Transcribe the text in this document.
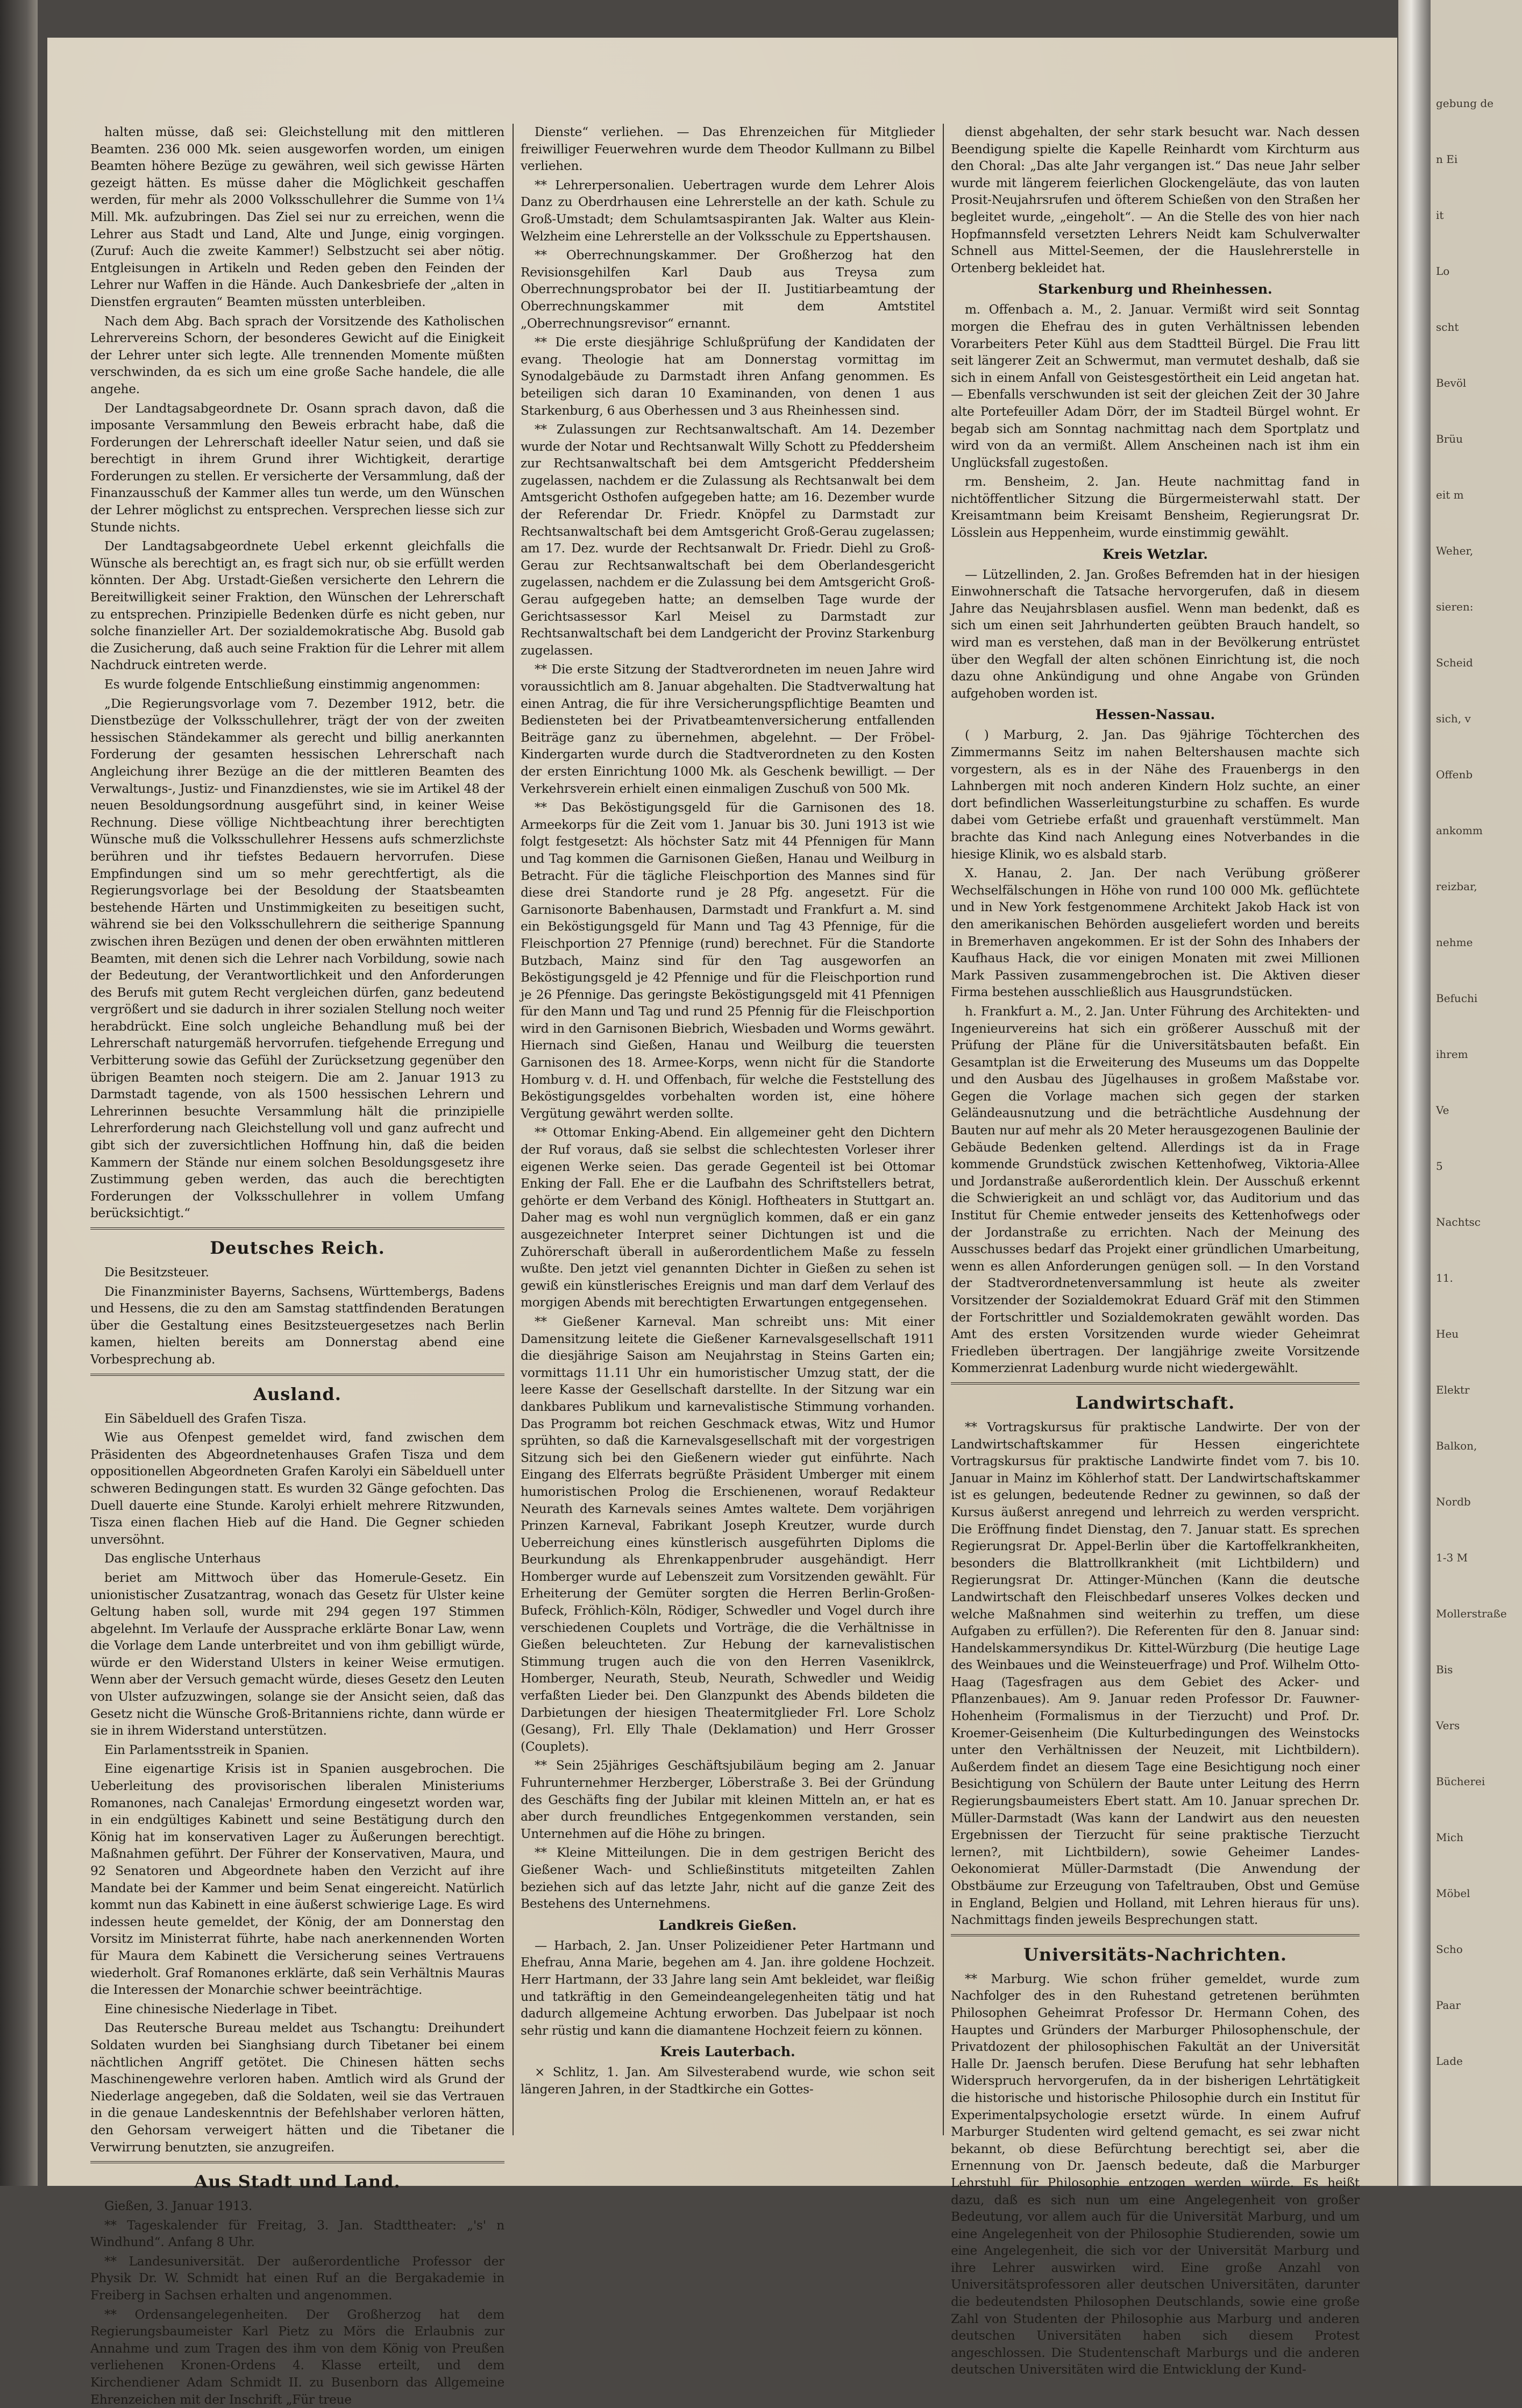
gebung de
n Ei
it
Lo
scht
Bevöl
Brüu
eit m
Weher,
sieren:
Scheid
sich, v
Offenb
ankomm
reizbar,
nehme
Befuchi
ihrem
Ve
5
Nachtsc
11.
Heu
Elektr
Balkon,
Nordb
1-3 M
Mollerstraße
Bis
Vers
Bücherei
Mich
Möbel
Scho
Paar
Lade

halten müsse, daß sei: Gleichstellung mit den mittleren Beamten. 236 000 Mk. seien ausgeworfen worden, um einigen Beamten höhere Bezüge zu gewähren, weil sich gewisse Härten gezeigt hätten. Es müsse daher die Möglichkeit geschaffen werden, für mehr als 2000 Volksschullehrer die Summe von 1¼ Mill. Mk. aufzubringen. Das Ziel sei nur zu erreichen, wenn die Lehrer aus Stadt und Land, Alte und Junge, einig vorgingen. (Zuruf: Auch die zweite Kammer!) Selbstzucht sei aber nötig. Entgleisungen in Artikeln und Reden geben den Feinden der Lehrer nur Waffen in die Hände. Auch Dankesbriefe der „alten in Dienstfen ergrauten“ Beamten müssten unterbleiben.

Nach dem Abg. Bach sprach der Vorsitzende des Katholischen Lehrervereins Schorn, der besonderes Gewicht auf die Einigkeit der Lehrer unter sich legte. Alle trennenden Momente müßten verschwinden, da es sich um eine große Sache handele, die alle angehe.

Der Landtagsabgeordnete Dr. Osann sprach davon, daß die imposante Versammlung den Beweis erbracht habe, daß die Forderungen der Lehrerschaft ideeller Natur seien, und daß sie berechtigt in ihrem Grund ihrer Wichtigkeit, derartige Forderungen zu stellen. Er versicherte der Versammlung, daß der Finanzausschuß der Kammer alles tun werde, um den Wünschen der Lehrer möglichst zu entsprechen. Versprechen liesse sich zur Stunde nichts.

Der Landtagsabgeordnete Uebel erkennt gleichfalls die Wünsche als berechtigt an, es fragt sich nur, ob sie erfüllt werden könnten. Der Abg. Urstadt-Gießen versicherte den Lehrern die Bereitwilligkeit seiner Fraktion, den Wünschen der Lehrerschaft zu entsprechen. Prinzipielle Bedenken dürfe es nicht geben, nur solche finanzieller Art. Der sozialdemokratische Abg. Busold gab die Zusicherung, daß auch seine Fraktion für die Lehrer mit allem Nachdruck eintreten werde.

Es wurde folgende Entschließung einstimmig angenommen:

„Die Regierungsvorlage vom 7. Dezember 1912, betr. die Dienstbezüge der Volksschullehrer, trägt der von der zweiten hessischen Ständekammer als gerecht und billig anerkannten Forderung der gesamten hessischen Lehrerschaft nach Angleichung ihrer Bezüge an die der mittleren Beamten des Verwaltungs-, Justiz- und Finanzdienstes, wie sie im Artikel 48 der neuen Besoldungsordnung ausgeführt sind, in keiner Weise Rechnung. Diese völlige Nichtbeachtung ihrer berechtigten Wünsche muß die Volksschullehrer Hessens aufs schmerzlichste berühren und ihr tiefstes Bedauern hervorrufen. Diese Empfindungen sind um so mehr gerechtfertigt, als die Regierungsvorlage bei der Besoldung der Staatsbeamten bestehende Härten und Unstimmigkeiten zu beseitigen sucht, während sie bei den Volksschullehrern die seitherige Spannung zwischen ihren Bezügen und denen der oben erwähnten mittleren Beamten, mit denen sich die Lehrer nach Vorbildung, sowie nach der Bedeutung, der Verantwortlichkeit und den Anforderungen des Berufs mit gutem Recht vergleichen dürfen, ganz bedeutend vergrößert und sie dadurch in ihrer sozialen Stellung noch weiter herabdrückt. Eine solch ungleiche Behandlung muß bei der Lehrerschaft naturgemäß hervorrufen. tiefgehende Erregung und Verbitterung sowie das Gefühl der Zurücksetzung gegenüber den übrigen Beamten noch steigern. Die am 2. Januar 1913 zu Darmstadt tagende, von als 1500 hessischen Lehrern und Lehrerinnen besuchte Versammlung hält die prinzipielle Lehrerforderung nach Gleichstellung voll und ganz aufrecht und gibt sich der zuversichtlichen Hoffnung hin, daß die beiden Kammern der Stände nur einem solchen Besoldungsgesetz ihre Zustimmung geben werden, das auch die berechtigten Forderungen der Volksschullehrer in vollem Umfang berücksichtigt.“

Deutsches Reich.

Die Besitzsteuer.

Die Finanzminister Bayerns, Sachsens, Württembergs, Badens und Hessens, die zu den am Samstag stattfindenden Beratungen über die Gestaltung eines Besitzsteuergesetzes nach Berlin kamen, hielten bereits am Donnerstag abend eine Vorbesprechung ab.

Ausland.

Ein Säbelduell des Grafen Tisza.

Wie aus Ofenpest gemeldet wird, fand zwischen dem Präsidenten des Abgeordnetenhauses Grafen Tisza und dem oppositionellen Abgeordneten Grafen Karolyi ein Säbelduell unter schweren Bedingungen statt. Es wurden 32 Gänge gefochten. Das Duell dauerte eine Stunde. Karolyi erhielt mehrere Ritzwunden, Tisza einen flachen Hieb auf die Hand. Die Gegner schieden unversöhnt.

Das englische Unterhaus

beriet am Mittwoch über das Homerule-Gesetz. Ein unionistischer Zusatzantrag, wonach das Gesetz für Ulster keine Geltung haben soll, wurde mit 294 gegen 197 Stimmen abgelehnt. Im Verlaufe der Aussprache erklärte Bonar Law, wenn die Vorlage dem Lande unterbreitet und von ihm gebilligt würde, würde er den Widerstand Ulsters in keiner Weise ermutigen. Wenn aber der Versuch gemacht würde, dieses Gesetz den Leuten von Ulster aufzuzwingen, solange sie der Ansicht seien, daß das Gesetz nicht die Wünsche Groß-Britanniens richte, dann würde er sie in ihrem Widerstand unterstützen.

Ein Parlamentsstreik in Spanien.

Eine eigenartige Krisis ist in Spanien ausgebrochen. Die Ueberleitung des provisorischen liberalen Ministeriums Romanones, nach Canalejas' Ermordung eingesetzt worden war, in ein endgültiges Kabinett und seine Bestätigung durch den König hat im konservativen Lager zu Äußerungen berechtigt. Maßnahmen geführt. Der Führer der Konservativen, Maura, und 92 Senatoren und Abgeordnete haben den Verzicht auf ihre Mandate bei der Kammer und beim Senat eingereicht. Natürlich kommt nun das Kabinett in eine äußerst schwierige Lage. Es wird indessen heute gemeldet, der König, der am Donnerstag den Vorsitz im Ministerrat führte, habe nach anerkennenden Worten für Maura dem Kabinett die Versicherung seines Vertrauens wiederholt. Graf Romanones erklärte, daß sein Verhältnis Mauras die Interessen der Monarchie schwer beeinträchtige.

Eine chinesische Niederlage in Tibet.

Das Reutersche Bureau meldet aus Tschangtu: Dreihundert Soldaten wurden bei Sianghsiang durch Tibetaner bei einem nächtlichen Angriff getötet. Die Chinesen hätten sechs Maschinengewehre verloren haben. Amtlich wird als Grund der Niederlage angegeben, daß die Soldaten, weil sie das Vertrauen in die genaue Landeskenntnis der Befehlshaber verloren hätten, den Gehorsam verweigert hätten und die Tibetaner die Verwirrung benutzten, sie anzugreifen.

Aus Stadt und Land.

Gießen, 3. Januar 1913.

** Tageskalender für Freitag, 3. Jan. Stadttheater: „'s' n Windhund“. Anfang 8 Uhr.

** Landesuniversität. Der außerordentliche Professor der Physik Dr. W. Schmidt hat einen Ruf an die Bergakademie in Freiberg in Sachsen erhalten und angenommen.

** Ordensangelegenheiten. Der Großherzog hat dem Regierungsbaumeister Karl Pietz zu Mörs die Erlaubnis zur Annahme und zum Tragen des ihm von dem König von Preußen verliehenen Kronen-Ordens 4. Klasse erteilt, und dem Kirchendiener Adam Schmidt II. zu Busenborn das Allgemeine Ehrenzeichen mit der Inschrift „Für treue

Dienste“ verliehen. — Das Ehrenzeichen für Mitglieder freiwilliger Feuerwehren wurde dem Theodor Kullmann zu Bilbel verliehen.

** Lehrerpersonalien. Uebertragen wurde dem Lehrer Alois Danz zu Oberdrhausen eine Lehrerstelle an der kath. Schule zu Groß-Umstadt; dem Schulamtsaspiranten Jak. Walter aus Klein-Welzheim eine Lehrerstelle an der Volksschule zu Eppertshausen.

** Oberrechnungskammer. Der Großherzog hat den Revisionsgehilfen Karl Daub aus Treysa zum Oberrechnungsprobator bei der II. Justitiarbeamtung der Oberrechnungskammer mit dem Amtstitel „Oberrechnungsrevisor“ ernannt.

** Die erste diesjährige Schlußprüfung der Kandidaten der evang. Theologie hat am Donnerstag vormittag im Synodalgebäude zu Darmstadt ihren Anfang genommen. Es beteiligen sich daran 10 Examinanden, von denen 1 aus Starkenburg, 6 aus Oberhessen und 3 aus Rheinhessen sind.

** Zulassungen zur Rechtsanwaltschaft. Am 14. Dezember wurde der Notar und Rechtsanwalt Willy Schott zu Pfeddersheim zur Rechtsanwaltschaft bei dem Amtsgericht Pfeddersheim zugelassen, nachdem er die Zulassung als Rechtsanwalt bei dem Amtsgericht Osthofen aufgegeben hatte; am 16. Dezember wurde der Referendar Dr. Friedr. Knöpfel zu Darmstadt zur Rechtsanwaltschaft bei dem Amtsgericht Groß-Gerau zugelassen; am 17. Dez. wurde der Rechtsanwalt Dr. Friedr. Diehl zu Groß-Gerau zur Rechtsanwaltschaft bei dem Oberlandesgericht zugelassen, nachdem er die Zulassung bei dem Amtsgericht Groß-Gerau aufgegeben hatte; an demselben Tage wurde der Gerichtsassessor Karl Meisel zu Darmstadt zur Rechtsanwaltschaft bei dem Landgericht der Provinz Starkenburg zugelassen.

** Die erste Sitzung der Stadtverordneten im neuen Jahre wird voraussichtlich am 8. Januar abgehalten. Die Stadtverwaltung hat einen Antrag, die für ihre Versicherungspflichtige Beamten und Bediensteten bei der Privatbeamtenversicherung entfallenden Beiträge ganz zu übernehmen, abgelehnt. — Der Fröbel-Kindergarten wurde durch die Stadtverordneten zu den Kosten der ersten Einrichtung 1000 Mk. als Geschenk bewilligt. — Der Verkehrsverein erhielt einen einmaligen Zuschuß von 500 Mk.

** Das Beköstigungsgeld für die Garnisonen des 18. Armeekorps für die Zeit vom 1. Januar bis 30. Juni 1913 ist wie folgt festgesetzt: Als höchster Satz mit 44 Pfennigen für Mann und Tag kommen die Garnisonen Gießen, Hanau und Weilburg in Betracht. Für die tägliche Fleischportion des Mannes sind für diese drei Standorte rund je 28 Pfg. angesetzt. Für die Garnisonorte Babenhausen, Darmstadt und Frankfurt a. M. sind ein Beköstigungsgeld für Mann und Tag 43 Pfennige, für die Fleischportion 27 Pfennige (rund) berechnet. Für die Standorte Butzbach, Mainz sind für den Tag ausgeworfen an Beköstigungsgeld je 42 Pfennige und für die Fleischportion rund je 26 Pfennige. Das geringste Beköstigungsgeld mit 41 Pfennigen für den Mann und Tag und rund 25 Pfennig für die Fleischportion wird in den Garnisonen Biebrich, Wiesbaden und Worms gewährt. Hiernach sind Gießen, Hanau und Weilburg die teuersten Garnisonen des 18. Armee-Korps, wenn nicht für die Standorte Homburg v. d. H. und Offenbach, für welche die Feststellung des Beköstigungsgeldes vorbehalten worden ist, eine höhere Vergütung gewährt werden sollte.

** Ottomar Enking-Abend. Ein allgemeiner geht den Dichtern der Ruf voraus, daß sie selbst die schlechtesten Vorleser ihrer eigenen Werke seien. Das gerade Gegenteil ist bei Ottomar Enking der Fall. Ehe er die Laufbahn des Schriftstellers betrat, gehörte er dem Verband des Königl. Hoftheaters in Stuttgart an. Daher mag es wohl nun vergnüglich kommen, daß er ein ganz ausgezeichneter Interpret seiner Dichtungen ist und die Zuhörerschaft überall in außerordentlichem Maße zu fesseln wußte. Den jetzt viel genannten Dichter in Gießen zu sehen ist gewiß ein künstlerisches Ereignis und man darf dem Verlauf des morgigen Abends mit berechtigten Erwartungen entgegensehen.

** Gießener Karneval. Man schreibt uns: Mit einer Damensitzung leitete die Gießener Karnevalsgesellschaft 1911 die diesjährige Saison am Neujahrstag in Steins Garten ein; vormittags 11.11 Uhr ein humoristischer Umzug statt, der die leere Kasse der Gesellschaft darstellte. In der Sitzung war ein dankbares Publikum und karnevalistische Stimmung vorhanden. Das Programm bot reichen Geschmack etwas, Witz und Humor sprühten, so daß die Karnevalsgesellschaft mit der vorgestrigen Sitzung sich bei den Gießenern wieder gut einführte. Nach Eingang des Elferrats begrüßte Präsident Umberger mit einem humoristischen Prolog die Erschienenen, worauf Redakteur Neurath des Karnevals seines Amtes waltete. Dem vorjährigen Prinzen Karneval, Fabrikant Joseph Kreutzer, wurde durch Ueberreichung eines künstlerisch ausgeführten Diploms die Beurkundung als Ehrenkappenbruder ausgehändigt. Herr Homberger wurde auf Lebenszeit zum Vorsitzenden gewählt. Für Erheiterung der Gemüter sorgten die Herren Berlin-Großen-Bufeck, Fröhlich-Köln, Rödiger, Schwedler und Vogel durch ihre verschiedenen Couplets und Vorträge, die die Verhältnisse in Gießen beleuchteten. Zur Hebung der karnevalistischen Stimmung trugen auch die von den Herren Vaseniklrck, Homberger, Neurath, Steub, Neurath, Schwedler und Weidig verfaßten Lieder bei. Den Glanzpunkt des Abends bildeten die Darbietungen der hiesigen Theatermitglieder Frl. Lore Scholz (Gesang), Frl. Elly Thale (Deklamation) und Herr Grosser (Couplets).

** Sein 25jähriges Geschäftsjubiläum beging am 2. Januar Fuhrunternehmer Herzberger, Löberstraße 3. Bei der Gründung des Geschäfts fing der Jubilar mit kleinen Mitteln an, er hat es aber durch freundliches Entgegenkommen verstanden, sein Unternehmen auf die Höhe zu bringen.

** Kleine Mitteilungen. Die in dem gestrigen Bericht des Gießener Wach- und Schließinstituts mitgeteilten Zahlen beziehen sich auf das letzte Jahr, nicht auf die ganze Zeit des Bestehens des Unternehmens.

Landkreis Gießen.

— Harbach, 2. Jan. Unser Polizeidiener Peter Hartmann und Ehefrau, Anna Marie, begehen am 4. Jan. ihre goldene Hochzeit. Herr Hartmann, der 33 Jahre lang sein Amt bekleidet, war fleißig und tatkräftig in den Gemeindeangelegenheiten tätig und hat dadurch allgemeine Achtung erworben. Das Jubelpaar ist noch sehr rüstig und kann die diamantene Hochzeit feiern zu können.

Kreis Lauterbach.

× Schlitz, 1. Jan. Am Silvesterabend wurde, wie schon seit längeren Jahren, in der Stadtkirche ein Gottes-

dienst abgehalten, der sehr stark besucht war. Nach dessen Beendigung spielte die Kapelle Reinhardt vom Kirchturm aus den Choral: „Das alte Jahr vergangen ist.“ Das neue Jahr selber wurde mit längerem feierlichen Glockengeläute, das von lauten Prosit-Neujahrsrufen und öfterem Schießen von den Straßen her begleitet wurde, „eingeholt“. — An die Stelle des von hier nach Hopfmannsfeld versetzten Lehrers Neidt kam Schulverwalter Schnell aus Mittel-Seemen, der die Hauslehrerstelle in Ortenberg bekleidet hat.

Starkenburg und Rheinhessen.

m. Offenbach a. M., 2. Januar. Vermißt wird seit Sonntag morgen die Ehefrau des in guten Verhältnissen lebenden Vorarbeiters Peter Kühl aus dem Stadtteil Bürgel. Die Frau litt seit längerer Zeit an Schwermut, man vermutet deshalb, daß sie sich in einem Anfall von Geistesgestörtheit ein Leid angetan hat. — Ebenfalls verschwunden ist seit der gleichen Zeit der 30 Jahre alte Portefeuiller Adam Dörr, der im Stadteil Bürgel wohnt. Er begab sich am Sonntag nachmittag nach dem Sportplatz und wird von da an vermißt. Allem Anscheinen nach ist ihm ein Unglücksfall zugestoßen.

rm. Bensheim, 2. Jan. Heute nachmittag fand in nichtöffentlicher Sitzung die Bürgermeisterwahl statt. Der Kreisamtmann beim Kreisamt Bensheim, Regierungsrat Dr. Lösslein aus Heppenheim, wurde einstimmig gewählt.

Kreis Wetzlar.

— Lützellinden, 2. Jan. Großes Befremden hat in der hiesigen Einwohnerschaft die Tatsache hervorgerufen, daß in diesem Jahre das Neujahrsblasen ausfiel. Wenn man bedenkt, daß es sich um einen seit Jahrhunderten geübten Brauch handelt, so wird man es verstehen, daß man in der Bevölkerung entrüstet über den Wegfall der alten schönen Einrichtung ist, die noch dazu ohne Ankündigung und ohne Angabe von Gründen aufgehoben worden ist.

Hessen-Nassau.

( ) Marburg, 2. Jan. Das 9jährige Töchterchen des Zimmermanns Seitz im nahen Beltershausen machte sich vorgestern, als es in der Nähe des Frauenbergs in den Lahnbergen mit noch anderen Kindern Holz suchte, an einer dort befindlichen Wasserleitungsturbine zu schaffen. Es wurde dabei vom Getriebe erfaßt und grauenhaft verstümmelt. Man brachte das Kind nach Anlegung eines Notverbandes in die hiesige Klinik, wo es alsbald starb.

X. Hanau, 2. Jan. Der nach Verübung größerer Wechselfälschungen in Höhe von rund 100 000 Mk. geflüchtete und in New York festgenommene Architekt Jakob Hack ist von den amerikanischen Behörden ausgeliefert worden und bereits in Bremerhaven angekommen. Er ist der Sohn des Inhabers der Kaufhaus Hack, die vor einigen Monaten mit zwei Millionen Mark Passiven zusammengebrochen ist. Die Aktiven dieser Firma bestehen ausschließlich aus Hausgrundstücken.

h. Frankfurt a. M., 2. Jan. Unter Führung des Architekten- und Ingenieurvereins hat sich ein größerer Ausschuß mit der Prüfung der Pläne für die Universitätsbauten befaßt. Ein Gesamtplan ist die Erweiterung des Museums um das Doppelte und den Ausbau des Jügelhauses in großem Maßstabe vor. Gegen die Vorlage machen sich gegen der starken Geländeausnutzung und die beträchtliche Ausdehnung der Bauten nur auf mehr als 20 Meter herausgezogenen Baulinie der Gebäude Bedenken geltend. Allerdings ist da in Frage kommende Grundstück zwischen Kettenhofweg, Viktoria-Allee und Jordanstraße außerordentlich klein. Der Ausschuß erkennt die Schwierigkeit an und schlägt vor, das Auditorium und das Institut für Chemie entweder jenseits des Kettenhofwegs oder der Jordanstraße zu errichten. Nach der Meinung des Ausschusses bedarf das Projekt einer gründlichen Umarbeitung, wenn es allen Anforderungen genügen soll. — In den Vorstand der Stadtverordnetenversammlung ist heute als zweiter Vorsitzender der Sozialdemokrat Eduard Gräf mit den Stimmen der Fortschrittler und Sozialdemokraten gewählt worden. Das Amt des ersten Vorsitzenden wurde wieder Geheimrat Friedleben übertragen. Der langjährige zweite Vorsitzende Kommerzienrat Ladenburg wurde nicht wiedergewählt.

Landwirtschaft.

** Vortragskursus für praktische Landwirte. Der von der Landwirtschaftskammer für Hessen eingerichtete Vortragskursus für praktische Landwirte findet vom 7. bis 10. Januar in Mainz im Köhlerhof statt. Der Landwirtschaftskammer ist es gelungen, bedeutende Redner zu gewinnen, so daß der Kursus äußerst anregend und lehrreich zu werden verspricht. Die Eröffnung findet Dienstag, den 7. Januar statt. Es sprechen Regierungsrat Dr. Appel-Berlin über die Kartoffelkrankheiten, besonders die Blattrollkrankheit (mit Lichtbildern) und Regierungsrat Dr. Attinger-München (Kann die deutsche Landwirtschaft den Fleischbedarf unseres Volkes decken und welche Maßnahmen sind weiterhin zu treffen, um diese Aufgaben zu erfüllen?). Die Referenten für den 8. Januar sind: Handelskammersyndikus Dr. Kittel-Würzburg (Die heutige Lage des Weinbaues und die Weinsteuerfrage) und Prof. Wilhelm Otto-Haag (Tagesfragen aus dem Gebiet des Acker- und Pflanzenbaues). Am 9. Januar reden Professor Dr. Fauwner-Hohenheim (Formalismus in der Tierzucht) und Prof. Dr. Kroemer-Geisenheim (Die Kulturbedingungen des Weinstocks unter den Verhältnissen der Neuzeit, mit Lichtbildern). Außerdem findet an diesem Tage eine Besichtigung noch einer Besichtigung von Schülern der Baute unter Leitung des Herrn Regierungsbaumeisters Ebert statt. Am 10. Januar sprechen Dr. Müller-Darmstadt (Was kann der Landwirt aus den neuesten Ergebnissen der Tierzucht für seine praktische Tierzucht lernen?, mit Lichtbildern), sowie Geheimer Landes-Oekonomierat Müller-Darmstadt (Die Anwendung der Obstbäume zur Erzeugung von Tafeltrauben, Obst und Gemüse in England, Belgien und Holland, mit Lehren hieraus für uns). Nachmittags finden jeweils Besprechungen statt.

Universitäts-Nachrichten.

** Marburg. Wie schon früher gemeldet, wurde zum Nachfolger des in den Ruhestand getretenen berühmten Philosophen Geheimrat Professor Dr. Hermann Cohen, des Hauptes und Gründers der Marburger Philosophenschule, der Privatdozent der philosophischen Fakultät an der Universität Halle Dr. Jaensch berufen. Diese Berufung hat sehr lebhaften Widerspruch hervorgerufen, da in der bisherigen Lehrtätigkeit die historische und historische Philosophie durch ein Institut für Experimentalpsychologie ersetzt würde. In einem Aufruf Marburger Studenten wird geltend gemacht, es sei zwar nicht bekannt, ob diese Befürchtung berechtigt sei, aber die Ernennung von Dr. Jaensch bedeute, daß die Marburger Lehrstuhl für Philosophie entzogen werden würde. Es heißt dazu, daß es sich nun um eine Angelegenheit von großer Bedeutung, vor allem auch für die Universität Marburg, und um eine Angelegenheit von der Philosophie Studierenden, sowie um eine Angelegenheit, die sich vor der Universität Marburg und ihre Lehrer auswirken wird. Eine große Anzahl von Universitätsprofessoren aller deutschen Universitäten, darunter die bedeutendsten Philosophen Deutschlands, sowie eine große Zahl von Studenten der Philosophie aus Marburg und anderen deutschen Universitäten haben sich diesem Protest angeschlossen. Die Studentenschaft Marburgs und die anderen deutschen Universitäten wird die Entwicklung der Kund-
